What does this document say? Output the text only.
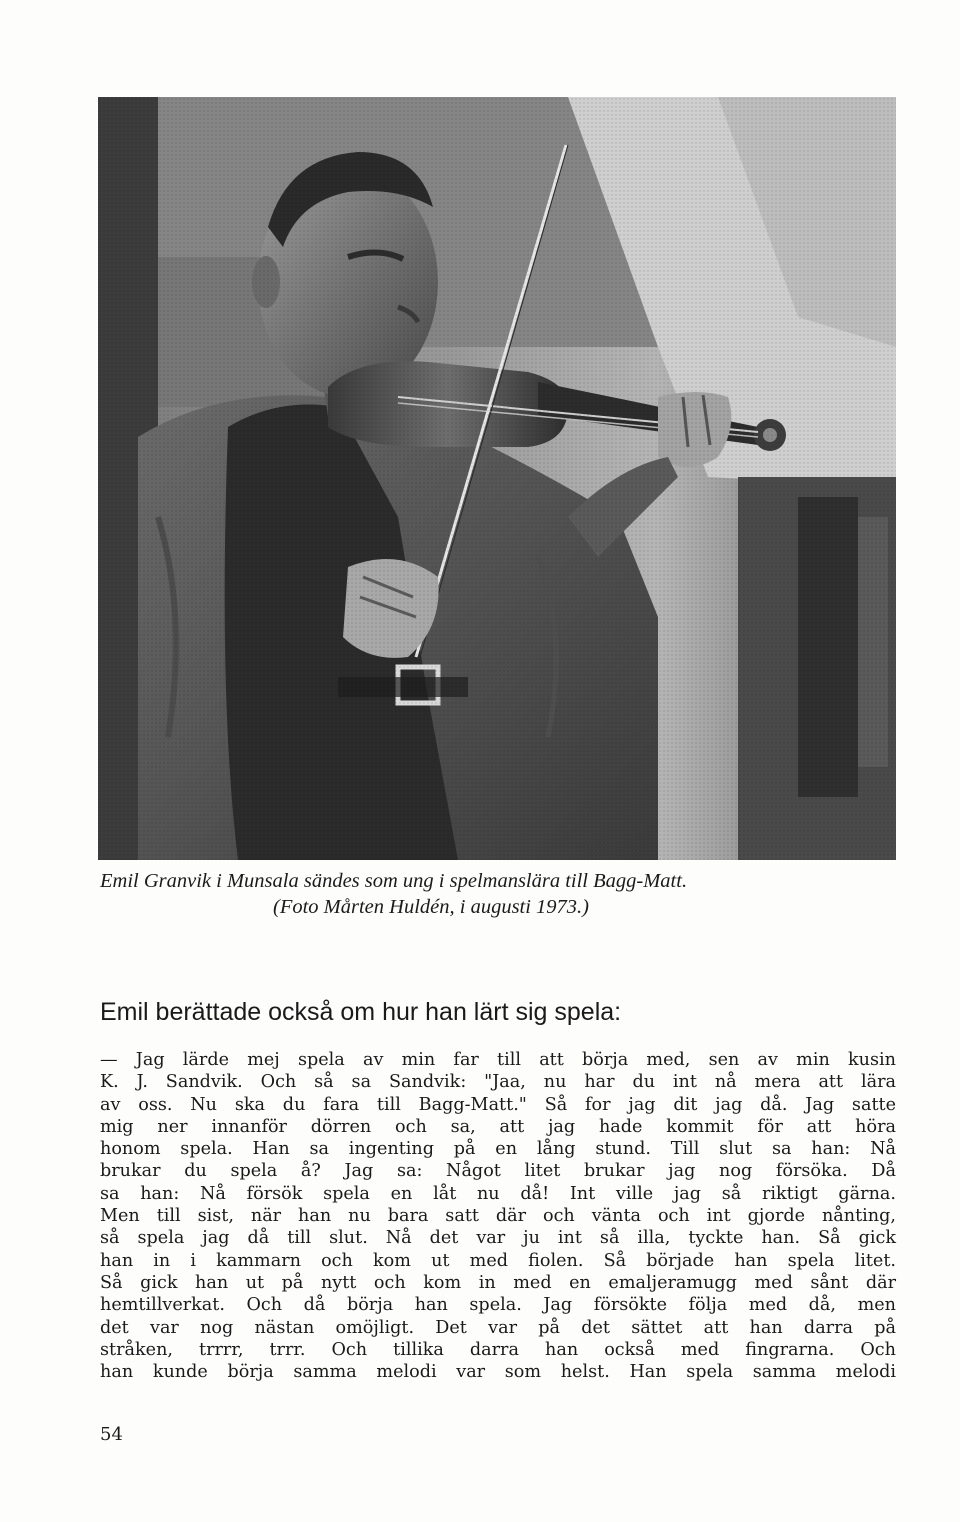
Emil Granvik i Munsala sändes som ung i spelmanslära till Bagg-Matt.
(Foto Mårten Huldén, i augusti 1973.)
Emil berättade också om hur han lärt sig spela:
— Jag lärde mej spela av min far till att börja med, sen av min kusin
K. J. Sandvik. Och så sa Sandvik: "Jaa, nu har du int nå mera att lära
av oss. Nu ska du fara till Bagg-Matt." Så for jag dit jag då. Jag satte
mig ner innanför dörren och sa, att jag hade kommit för att höra
honom spela. Han sa ingenting på en lång stund. Till slut sa han: Nå
brukar du spela å? Jag sa: Något litet brukar jag nog försöka. Då
sa han: Nå försök spela en låt nu då! Int ville jag så riktigt gärna.
Men till sist, när han nu bara satt där och vänta och int gjorde nånting,
så spela jag då till slut. Nå det var ju int så illa, tyckte han. Så gick
han in i kammarn och kom ut med fiolen. Så började han spela litet.
Så gick han ut på nytt och kom in med en emaljeramugg med sånt där
hemtillverkat. Och då börja han spela. Jag försökte följa med då, men
det var nog nästan omöjligt. Det var på det sättet att han darra på
stråken, trrrr, trrr. Och tillika darra han också med fingrarna. Och
han kunde börja samma melodi var som helst. Han spela samma melodi
54
